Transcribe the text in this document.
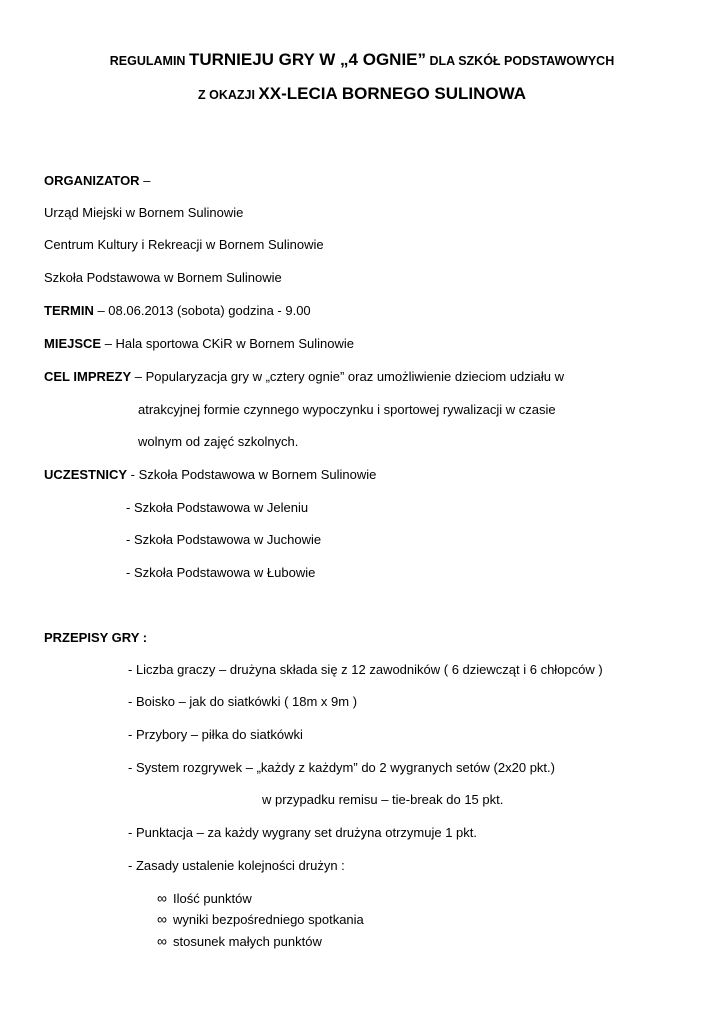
REGULAMIN TURNIEJU GRY W „4 OGNIE” DLA SZKÓŁ PODSTAWOWYCH
Z OKAZJI XX-LECIA BORNEGO SULINOWA
ORGANIZATOR –
Urząd Miejski w Bornem Sulinowie
Centrum Kultury i Rekreacji w Bornem Sulinowie
Szkoła Podstawowa w Bornem Sulinowie
TERMIN – 08.06.2013 (sobota) godzina - 9.00
MIEJSCE – Hala sportowa CKiR w Bornem Sulinowie
CEL IMPREZY – Popularyzacja gry w „cztery ognie” oraz umożliwienie dzieciom udziału w
atrakcyjnej formie czynnego wypoczynku i sportowej rywalizacji w czasie
wolnym od zajęć szkolnych.
UCZESTNICY - Szkoła Podstawowa w Bornem Sulinowie
- Szkoła Podstawowa w Jeleniu
- Szkoła Podstawowa w Juchowie
- Szkoła Podstawowa w Łubowie
PRZEPISY GRY :
- Liczba graczy – drużyna składa się z 12 zawodników ( 6 dziewcząt i 6 chłopców )
- Boisko – jak do siatkówki ( 18m x 9m )
- Przybory – piłka do siatkówki
- System rozgrywek – „każdy z każdym” do 2 wygranych setów (2x20 pkt.)
w przypadku remisu – tie-break do 15 pkt.
- Punktacja – za każdy wygrany set drużyna otrzymuje 1 pkt.
- Zasady ustalenie kolejności drużyn :
∞ Ilość punktów
∞ wyniki bezpośredniego spotkania
∞ stosunek małych punktów
